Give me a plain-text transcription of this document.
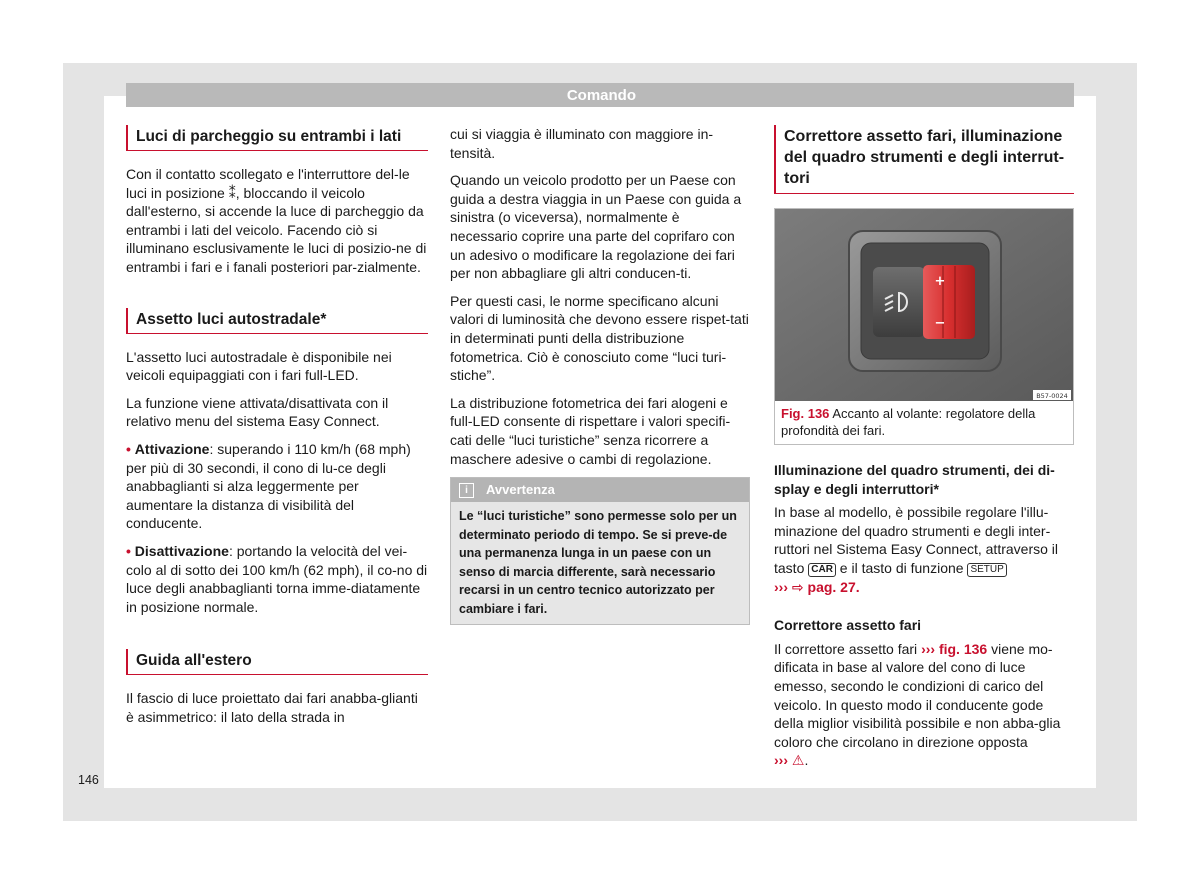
Comando
Luci di parcheggio su entrambi i lati

Con il contatto scollegato e l'interruttore del-le luci in posizione ⁑, bloccando il veicolo dall'esterno, si accende la luce di parcheggio da entrambi i lati del veicolo. Facendo ciò si illuminano esclusivamente le luci di posizio-ne di entrambi i fari e i fanali posteriori par-zialmente.

Assetto luci autostradale*

L'assetto luci autostradale è disponibile nei veicoli equipaggiati con i fari full-LED.

La funzione viene attivata/disattivata con il relativo menu del sistema Easy Connect.

• Attivazione: superando i 110 km/h (68 mph) per più di 30 secondi, il cono di lu-ce degli anabbaglianti si alza leggermente per aumentare la distanza di visibilità del conducente.

• Disattivazione: portando la velocità del vei-colo al di sotto dei 100 km/h (62 mph), il co-no di luce degli anabbaglianti torna imme-diatamente in posizione normale.

Guida all'estero

Il fascio di luce proiettato dai fari anabba-glianti è asimmetrico: il lato della strada in

cui si viaggia è illuminato con maggiore in-tensità.

Quando un veicolo prodotto per un Paese con guida a destra viaggia in un Paese con guida a sinistra (o viceversa), normalmente è necessario coprire una parte del coprifaro con un adesivo o modificare la regolazione dei fari per non abbagliare gli altri conducen-ti.

Per questi casi, le norme specificano alcuni valori di luminosità che devono essere rispet-tati in determinati punti della distribuzione fotometrica. Ciò è conosciuto come “luci turi-stiche”.

La distribuzione fotometrica dei fari alogeni e full-LED consente di rispettare i valori specifi-cati delle “luci turistiche” senza ricorrere a maschere adesive o cambi di regolazione.

i	Avvertenza
Le “luci turistiche” sono permesse solo per un determinato periodo di tempo. Se si preve-de una permanenza lunga in un paese con un senso di marcia differente, sarà necessario recarsi in un centro tecnico autorizzato per cambiare i fari.
Correttore assetto fari, illuminazione del quadro strumenti e degli interrut-tori
+
−
B57-0024
Fig. 136 Accanto al volante: regolatore della profondità dei fari.
Illuminazione del quadro strumenti, dei di-splay e degli interruttori*

In base al modello, è possibile regolare l'illu-minazione del quadro strumenti e degli inter-ruttori nel Sistema Easy Connect, attraverso il tasto CAR e il tasto di funzione SETUP
››› ⇨ pag. 27.

Correttore assetto fari

Il correttore assetto fari ››› fig. 136 viene mo-dificata in base al valore del cono di luce emesso, secondo le condizioni di carico del veicolo. In questo modo il conducente gode della miglior visibilità possibile e non abba-glia coloro che circolano in direzione opposta
››› ⚠.

146
